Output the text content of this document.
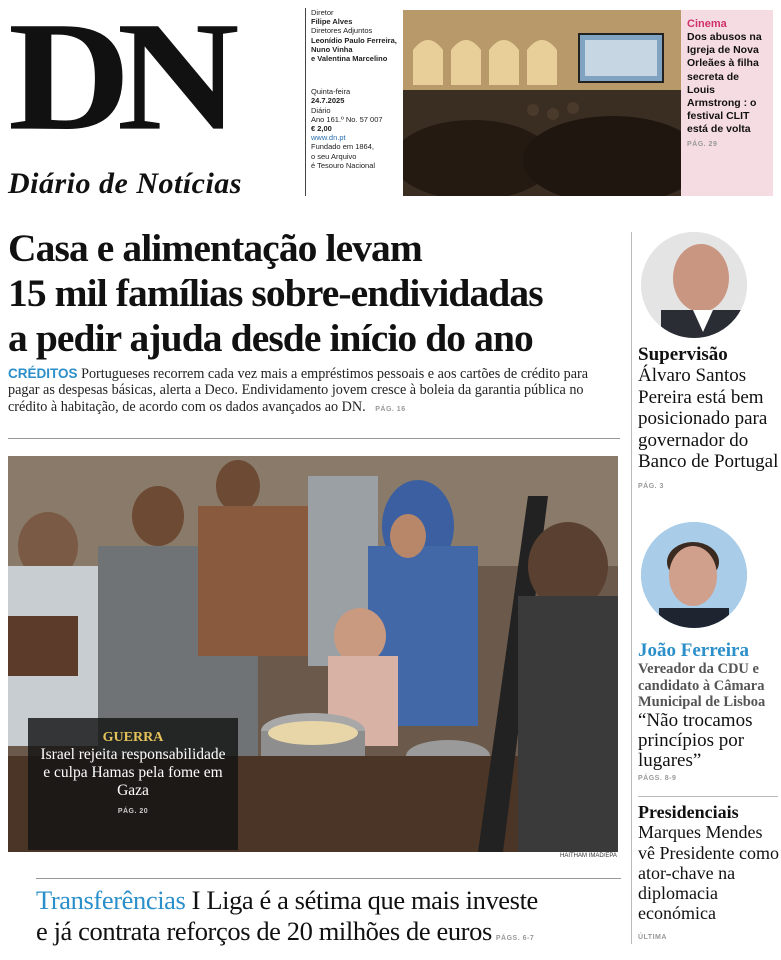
DN
Diário de Notícias
Diretor
Filipe Alves
Diretores Adjuntos
Leonídio Paulo Ferreira,
Nuno Vinha
e Valentina Marcelino
Quinta-feira
24.7.2025
Diário
Ano 161.º No. 57 007
€ 2,00
www.dn.pt
Fundado em 1864,
o seu Arquivo
é Tesouro Nacional
Cinema
Dos abusos na Igreja de Nova Orleães à filha secreta de Louis Armstrong : o festival CLIT está de volta
PÁG. 29
Casa e alimentação levam
15 mil famílias sobre-endividadas
a pedir ajuda desde início do ano
CRÉDITOS Portugueses recorrem cada vez mais a empréstimos pessoais e aos cartões de crédito para pagar as despesas básicas, alerta a Deco. Endividamento jovem cresce à boleia da garantia pública no crédito à habitação, de acordo com os dados avançados ao DN. PÁG. 16
GUERRA
Israel rejeita responsabilidade e culpa Hamas pela fome em Gaza
PÁG. 20
HAITHAM IMAD/EPA
Transferências I Liga é a sétima que mais investe
e já contrata reforços de 20 milhões de euros PÁGS. 6-7
Supervisão
Álvaro Santos Pereira está bem posicionado para governador do Banco de Portugal
PÁG. 3
João Ferreira
Vereador da CDU e candidato à Câmara Municipal de Lisboa
“Não trocamos princípios por lugares”
PÁGS. 8-9
Presidenciais
Marques Mendes vê Presidente como ator-chave na diplomacia económica
ÚLTIMA
